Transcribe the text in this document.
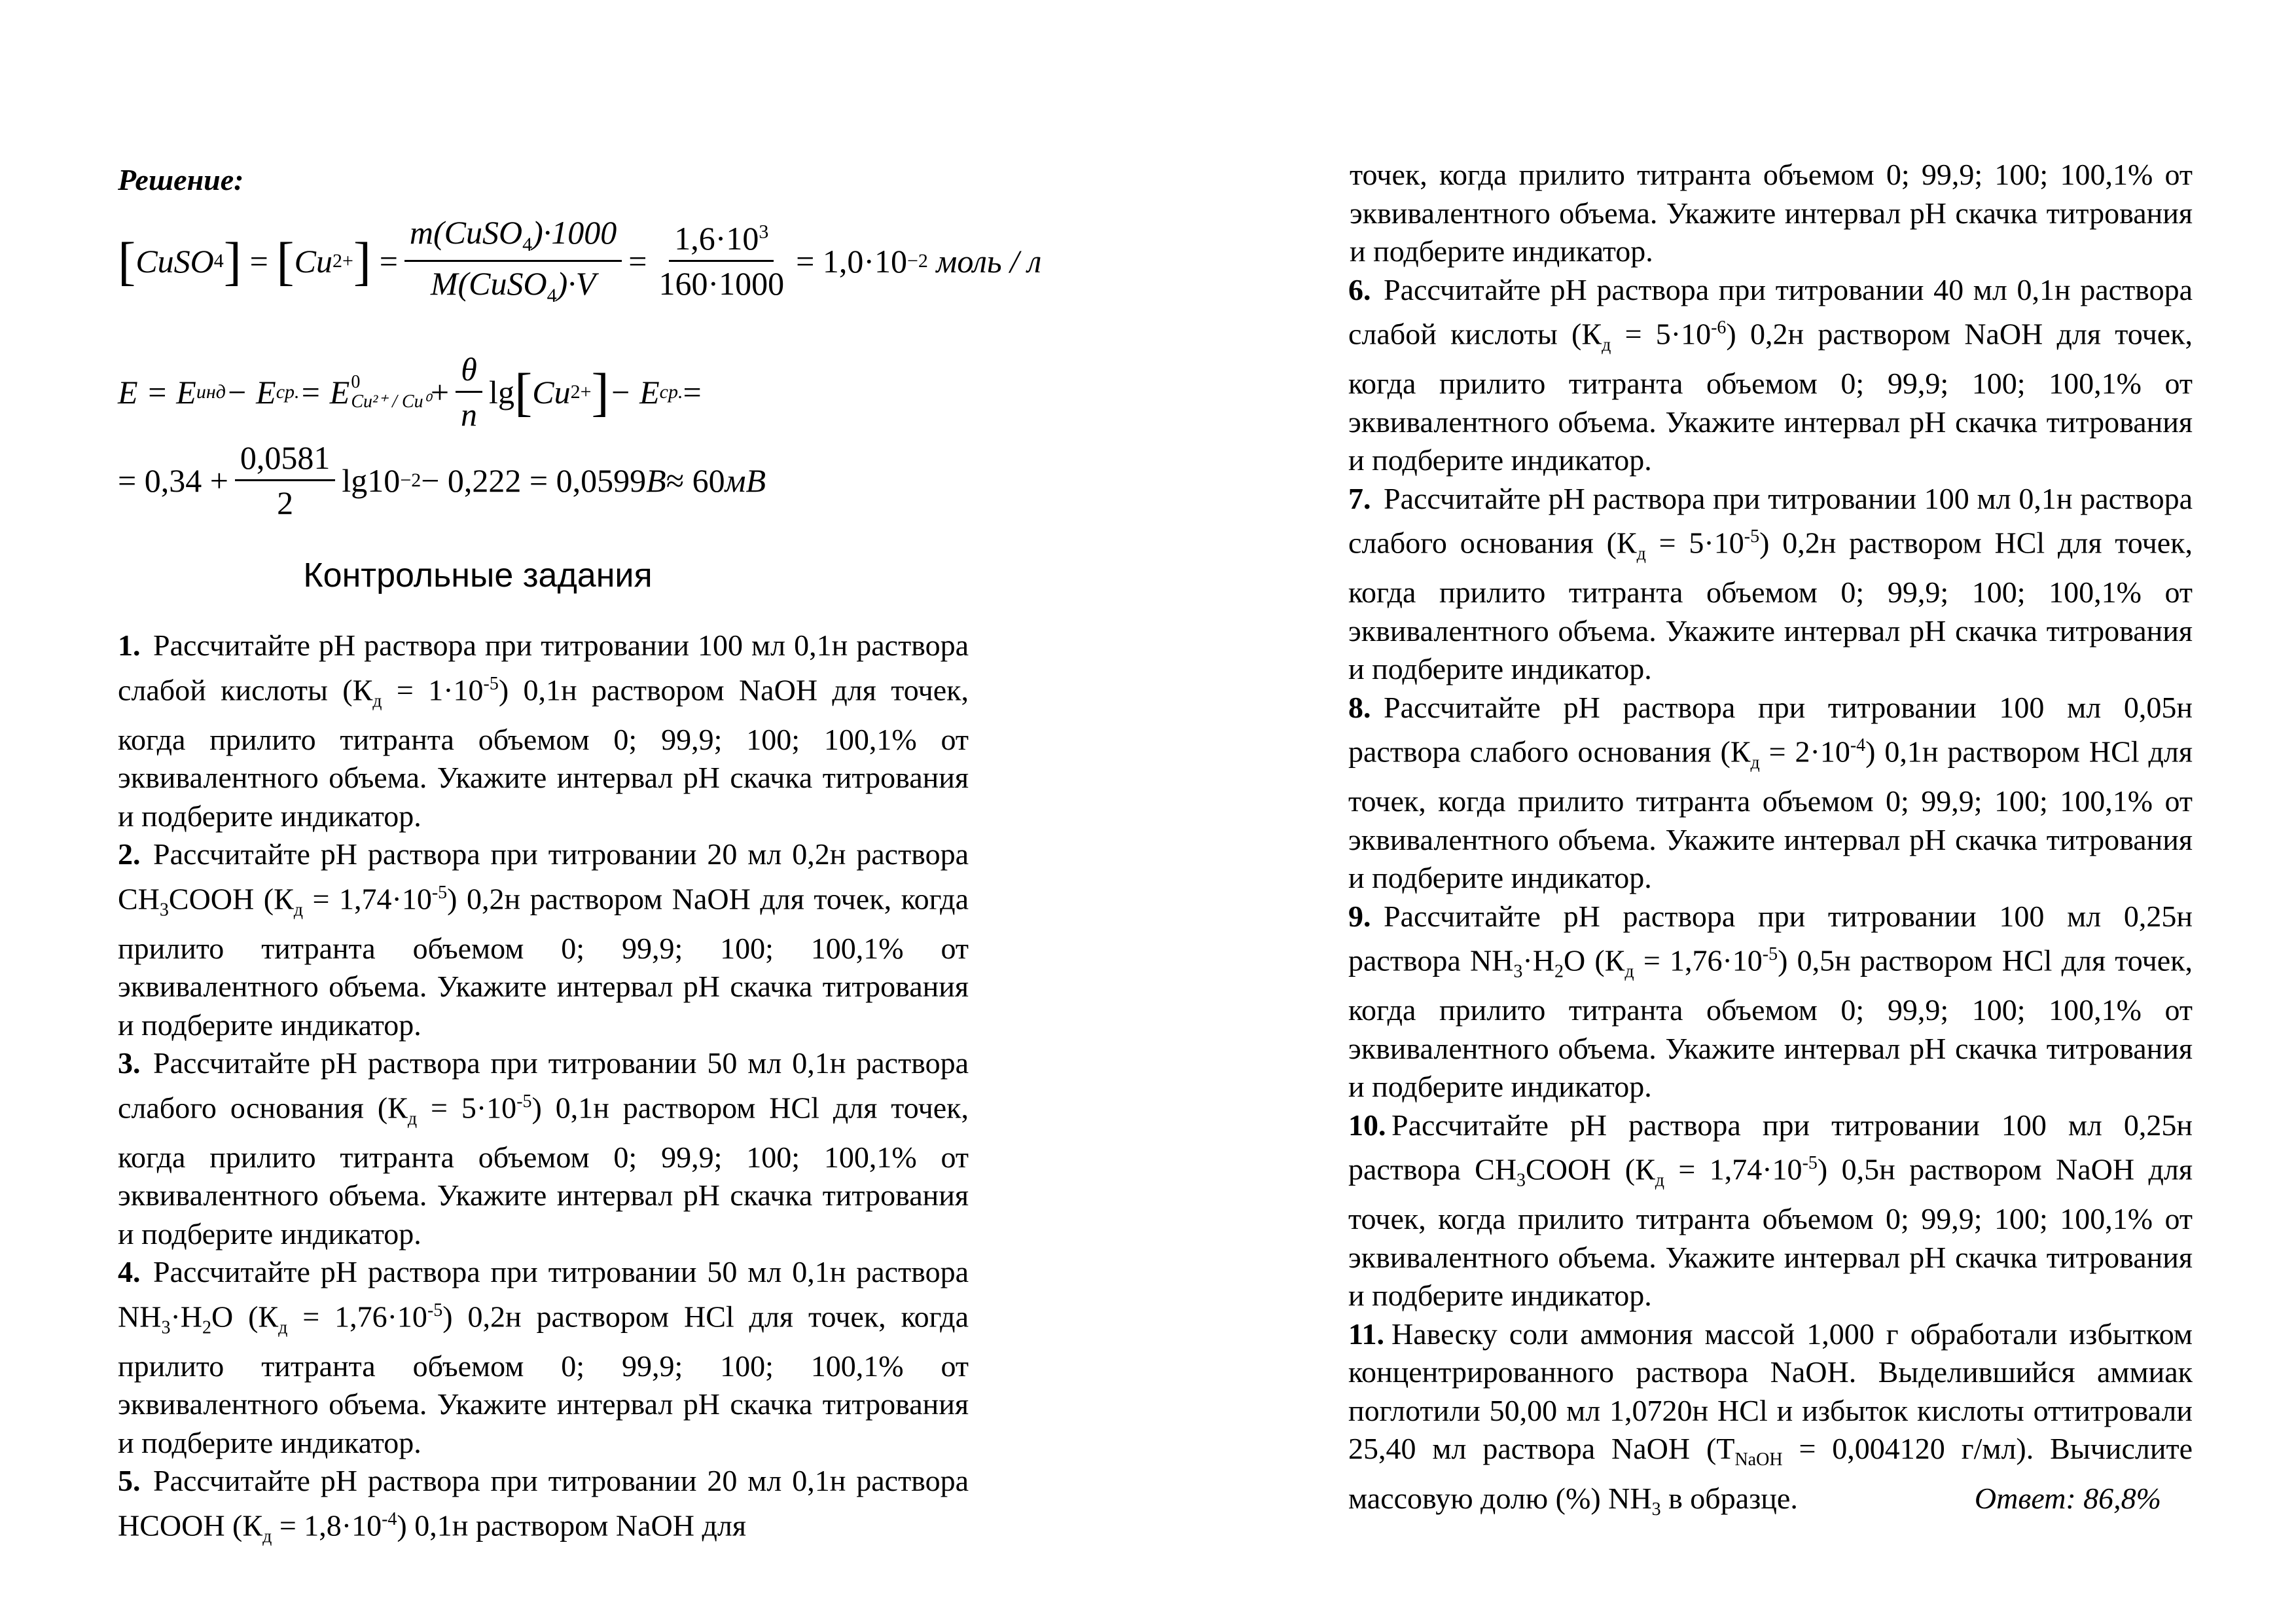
Решение:
[ CuSO 4 ] = [ Cu 2+ ] = $\frac{m(CuSO_4)\cdot 1000}{M(CuSO_4)\cdot V} = \frac{1,6\cdot 10^3}{160\cdot 1000} = 1,0\cdot 10 -2$
моль / л
E = E инд − E ср. = E 0
$Cu^{2+} / Cu^0 + \frac{\theta}{n}$ lg [ Cu 2+ ] − E ср. =
= $0,34 + \frac{0,0581}{2} \lg 10 -2 - 0,222 = 0,0599$ B ≈ 60 мB
Контрольные задания

1. Рассчитайте pH раствора при титровании 100 мл 0,1н раствора слабой кислоты $(К_д = 1\cdot 10^{-5})$ 0,1н раствором NaOH для точек, когда прилито титранта объемом 0; 99,9; 100; 100,1% от эквивалентного объема. Укажите интервал pH скачка титрования и подберите индикатор.

2. Рассчитайте pH раствора при титровании 20 мл 0,2н раствора $CH_3COOH$ $(К_д = 1,74\cdot 10^{-5})$ 0,2н раствором NaOH для точек, когда прилито титранта объемом 0; 99,9; 100; 100,1% от эквивалентного объема. Укажите интервал pH скачка титрования и подберите индикатор.

3. Рассчитайте pH раствора при титровании 50 мл 0,1н раствора слабого основания $(К_д = 5\cdot 10^{-5})$ 0,1н раствором HCl для точек, когда прилито титранта объемом 0; 99,9; 100; 100,1% от эквивалентного объема. Укажите интервал pH скачка титрования и подберите индикатор.

4. Рассчитайте pH раствора при титровании 50 мл 0,1н раствора $NH_3\cdot H_2O$ $(К_д = 1,76\cdot 10^{-5})$ 0,2н раствором HCl для точек, когда прилито титранта объемом 0; 99,9; 100; 100,1% от эквивалентного объема. Укажите интервал pH скачка титрования и подберите индикатор.

5. Рассчитайте pH раствора при титровании 20 мл 0,1н раствора HCOOH $(К_д = 1,8\cdot 10^{-4})$ 0,1н раствором NaOH для

точек, когда прилито титранта объемом 0; 99,9; 100; 100,1% от эквивалентного объема. Укажите интервал pH скачка титрования и подберите индикатор.

6. Рассчитайте pH раствора при титровании 40 мл 0,1н раствора слабой кислоты $(К_д = 5\cdot 10^{-6})$ 0,2н раствором NaOH для точек, когда прилито титранта объемом 0; 99,9; 100; 100,1% от эквивалентного объема. Укажите интервал pH скачка титрования и подберите индикатор.

7. Рассчитайте pH раствора при титровании 100 мл 0,1н раствора слабого основания $(К_д = 5\cdot 10^{-5})$ 0,2н раствором HCl для точек, когда прилито титранта объемом 0; 99,9; 100; 100,1% от эквивалентного объема. Укажите интервал pH скачка титрования и подберите индикатор.

8. Рассчитайте pH раствора при титровании 100 мл 0,05н раствора слабого основания $(К_д = 2\cdot 10^{-4})$ 0,1н раствором HCl для точек, когда прилито титранта объемом 0; 99,9; 100; 100,1% от эквивалентного объема. Укажите интервал pH скачка титрования и подберите индикатор.

9. Рассчитайте pH раствора при титровании 100 мл 0,25н раствора $NH_3\cdot H_2O$ $(К_д = 1,76\cdot 10^{-5})$ 0,5н раствором HCl для точек, когда прилито титранта объемом 0; 99,9; 100; 100,1% от эквивалентного объема. Укажите интервал pH скачка титрования и подберите индикатор.

10. Рассчитайте pH раствора при титровании 100 мл 0,25н раствора $CH_3COOH$ $(К_д = 1,74\cdot 10^{-5})$ 0,5н раствором NaOH для точек, когда прилито титранта объемом 0; 99,9; 100; 100,1% от эквивалентного объема. Укажите интервал pH скачка титрования и подберите индикатор.

11. Навеску соли аммония массой 1,000 г обработали избытком концентрированного раствора NaOH. Выделившийся аммиак поглотили 50,00 мл 1,0720н HCl и избыток кислоты оттитровали 25,40 мл раствора NaOH ($T_{NaOH} = 0,004120$ г/мл). Вычислите массовую долю (%) $NH_3$ в образце.	Ответ: 86,8%
